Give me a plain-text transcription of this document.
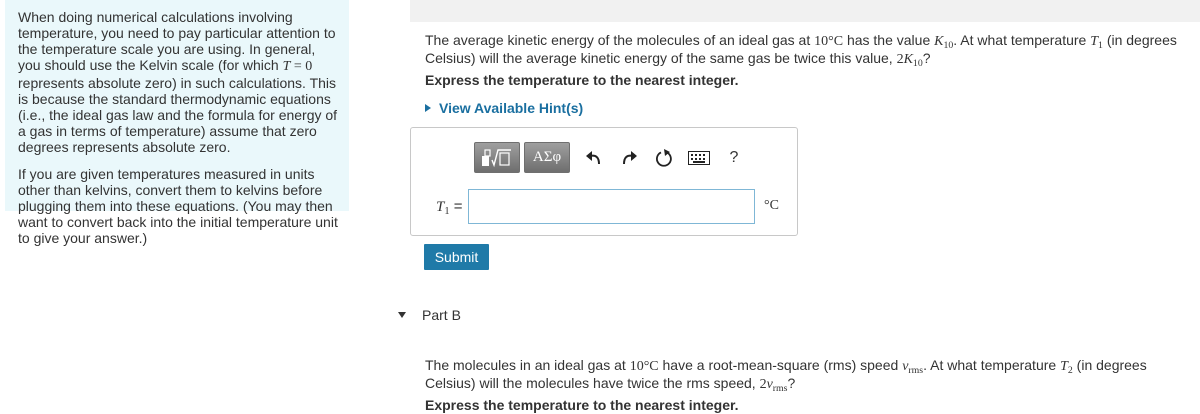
When doing numerical calculations involving temperature, you need to pay particular attention to the temperature scale you are using. In general, you should use the Kelvin scale (for which T = 0 represents absolute zero) in such calculations. This is because the standard thermodynamic equations (i.e., the ideal gas law and the formula for energy of a gas in terms of temperature) assume that zero degrees represents absolute zero.

If you are given temperatures measured in units other than kelvins, convert them to kelvins before plugging them into these equations. (You may then want to convert back into the initial temperature unit to give your answer.)

The average kinetic energy of the molecules of an ideal gas at 10°C has the value $K_{10}$. At what temperature $T_1$ (in degrees Celsius) will the average kinetic energy of the same gas be twice this value, $2K_{10}$?
Express the temperature to the nearest integer.
View Available Hint(s)
ΑΣφ	?
$T_1$ =	°C
Submit
Part B
The molecules in an ideal gas at 10°C have a root-mean-square (rms) speed $v_{rms}$. At what temperature $T_2$ (in degrees Celsius) will the molecules have twice the rms speed, $2v_{rms}$?
Express the temperature to the nearest integer.
